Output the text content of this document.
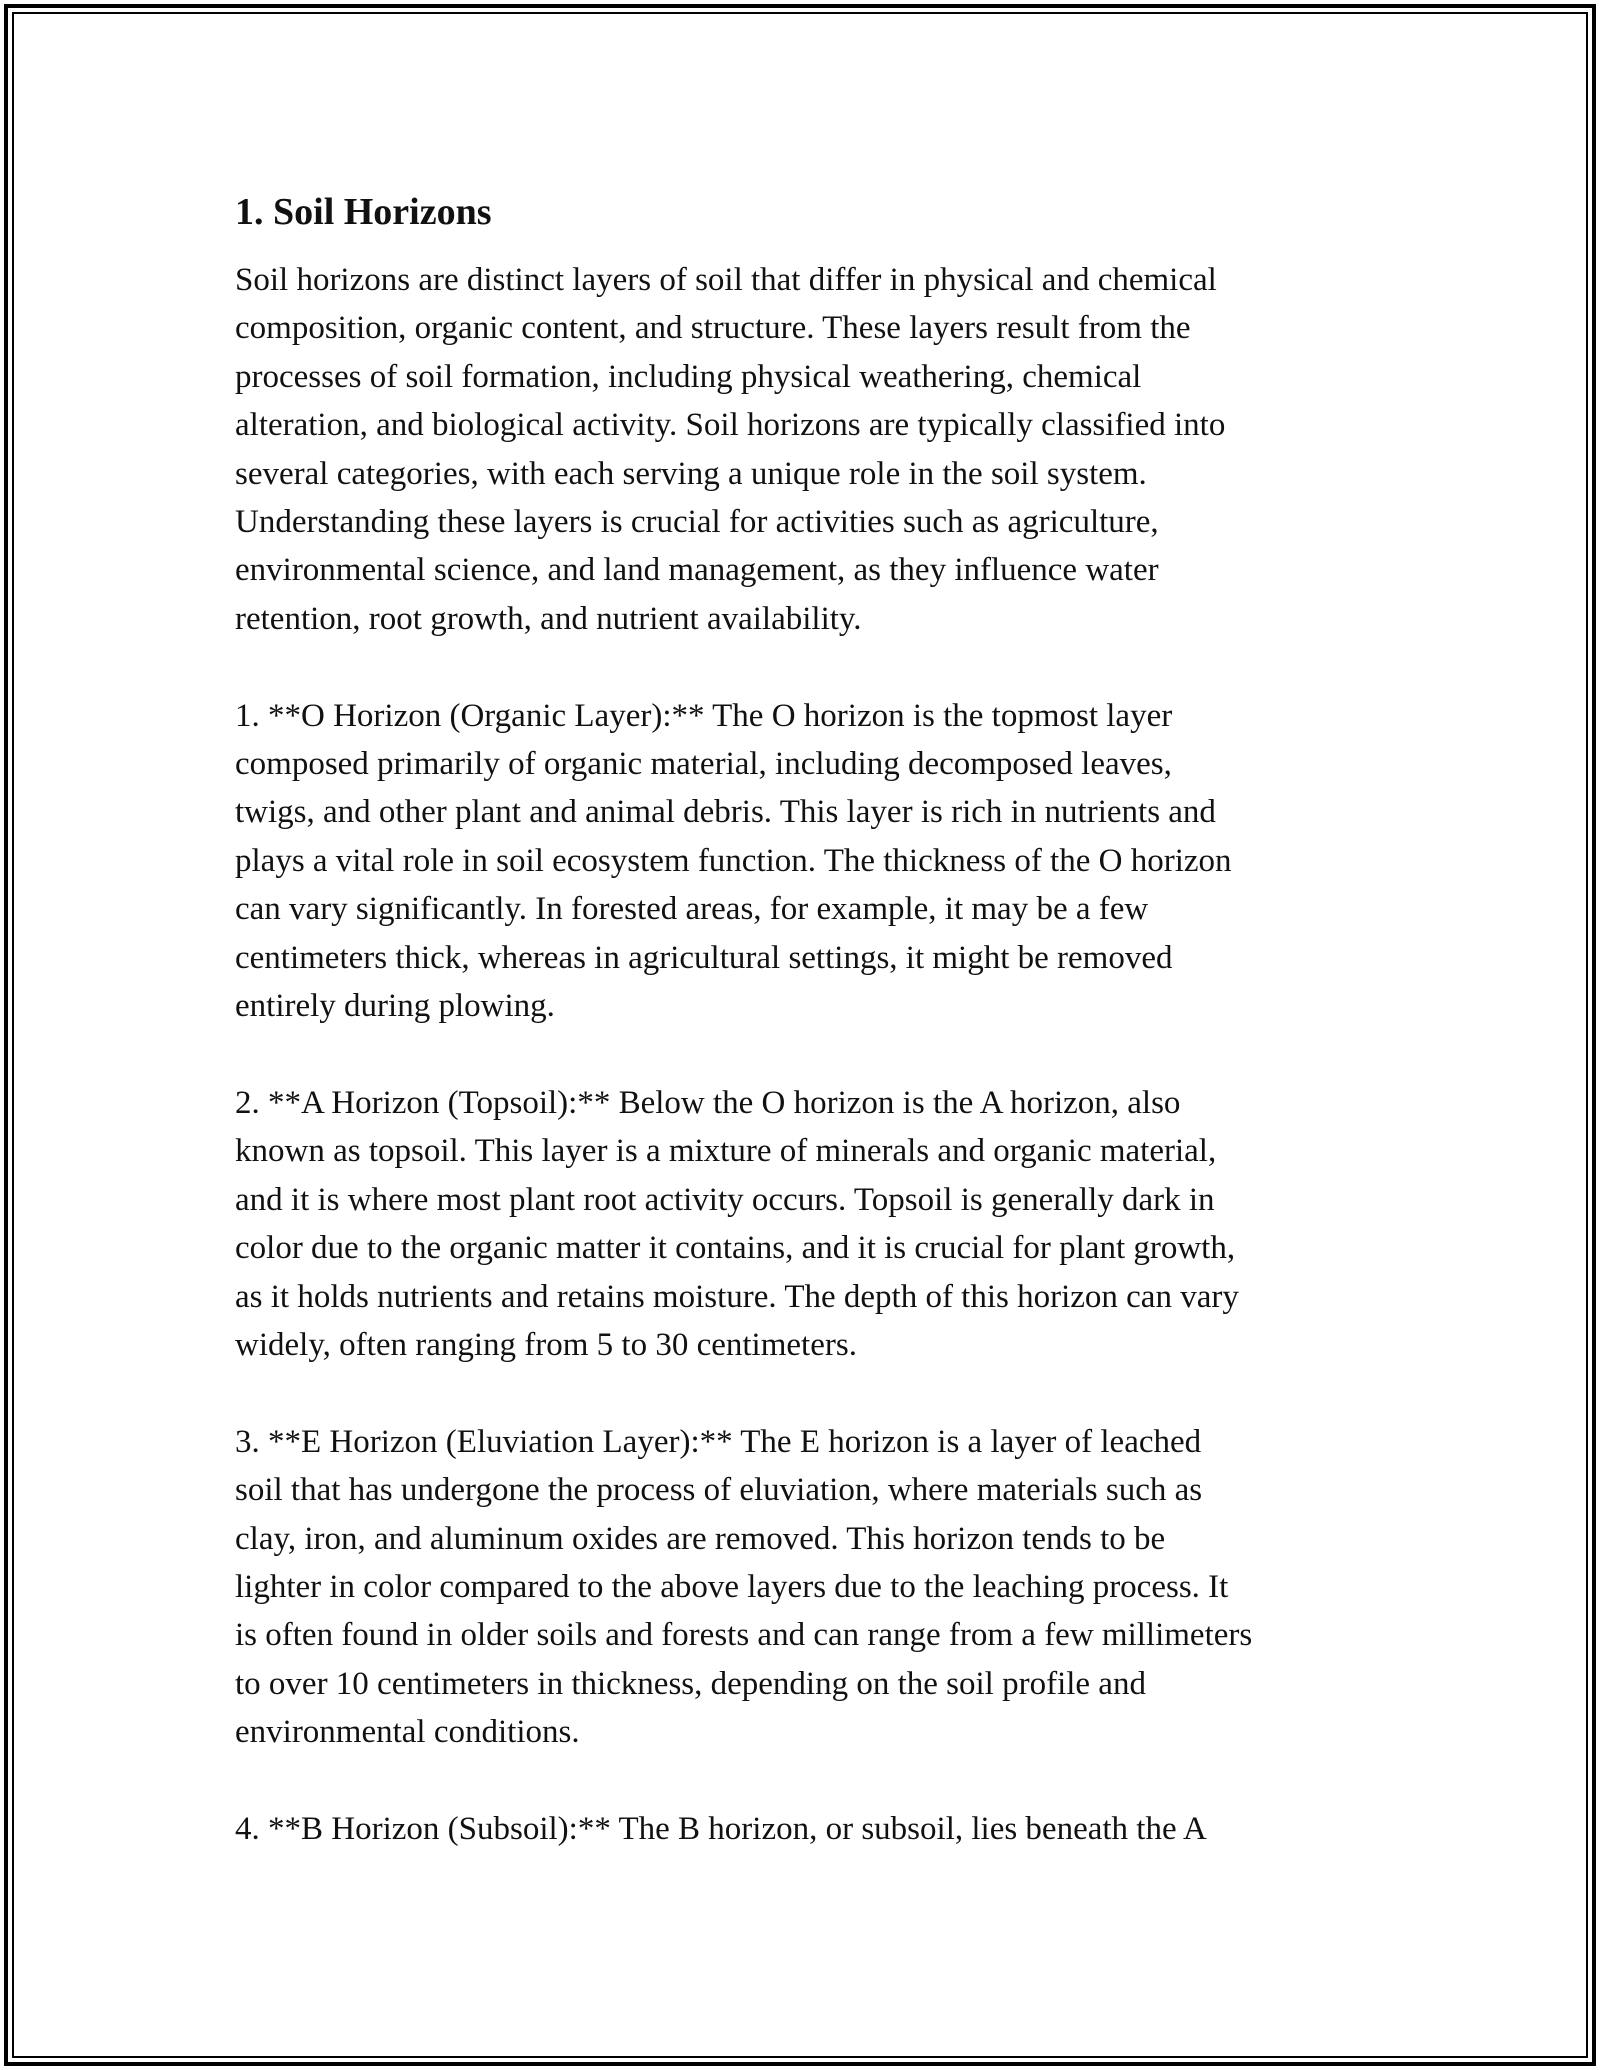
1. Soil Horizons

Soil horizons are distinct layers of soil that differ in physical and chemical
composition, organic content, and structure. These layers result from the
processes of soil formation, including physical weathering, chemical
alteration, and biological activity. Soil horizons are typically classified into
several categories, with each serving a unique role in the soil system.
Understanding these layers is crucial for activities such as agriculture,
environmental science, and land management, as they influence water
retention, root growth, and nutrient availability.

1. **O Horizon (Organic Layer):** The O horizon is the topmost layer
composed primarily of organic material, including decomposed leaves,
twigs, and other plant and animal debris. This layer is rich in nutrients and
plays a vital role in soil ecosystem function. The thickness of the O horizon
can vary significantly. In forested areas, for example, it may be a few
centimeters thick, whereas in agricultural settings, it might be removed
entirely during plowing.

2. **A Horizon (Topsoil):** Below the O horizon is the A horizon, also
known as topsoil. This layer is a mixture of minerals and organic material,
and it is where most plant root activity occurs. Topsoil is generally dark in
color due to the organic matter it contains, and it is crucial for plant growth,
as it holds nutrients and retains moisture. The depth of this horizon can vary
widely, often ranging from 5 to 30 centimeters.

3. **E Horizon (Eluviation Layer):** The E horizon is a layer of leached
soil that has undergone the process of eluviation, where materials such as
clay, iron, and aluminum oxides are removed. This horizon tends to be
lighter in color compared to the above layers due to the leaching process. It
is often found in older soils and forests and can range from a few millimeters
to over 10 centimeters in thickness, depending on the soil profile and
environmental conditions.

4. **B Horizon (Subsoil):** The B horizon, or subsoil, lies beneath the A
